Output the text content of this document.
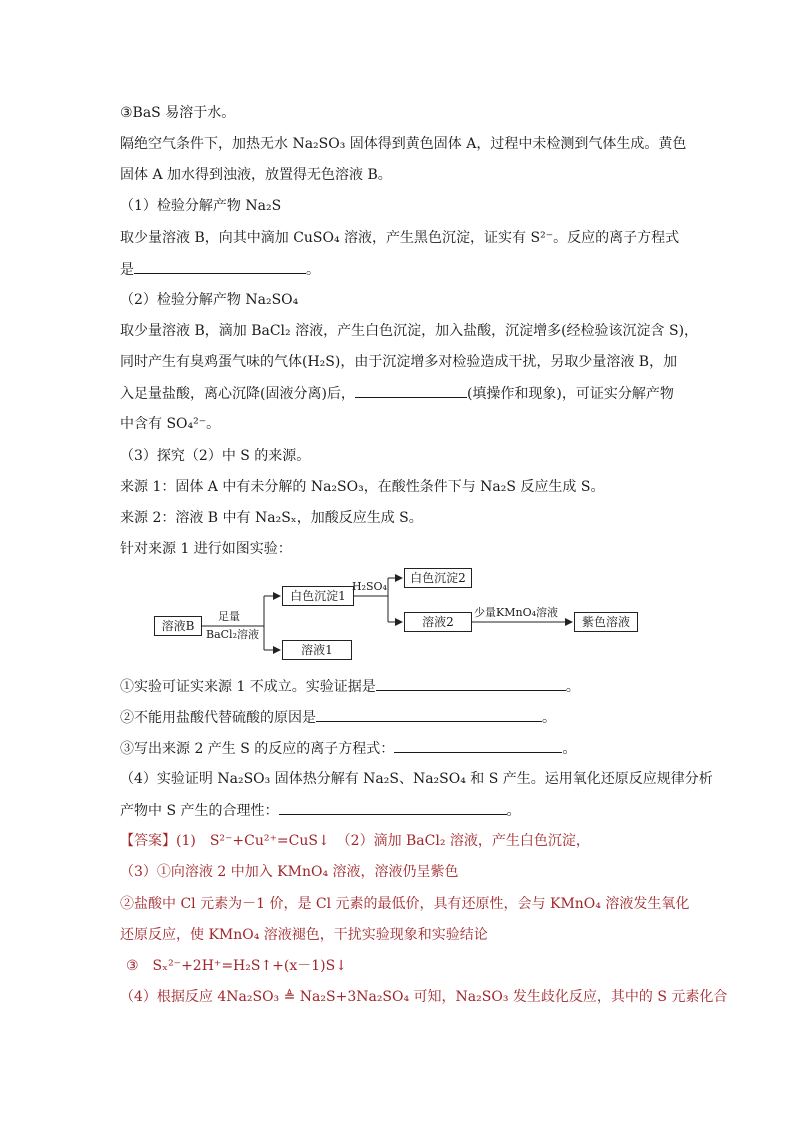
③BaS 易溶于水。
隔绝空气条件下，加热无水 Na₂SO₃ 固体得到黄色固体 A，过程中未检测到气体生成。黄色
固体 A 加水得到浊液，放置得无色溶液 B。
（1）检验分解产物 Na₂S
取少量溶液 B，向其中滴加 CuSO₄ 溶液，产生黑色沉淀，证实有 S²⁻。反应的离子方程式
是	。
（2）检验分解产物 Na₂SO₄
取少量溶液 B，滴加 BaCl₂ 溶液，产生白色沉淀，加入盐酸，沉淀增多(经检验该沉淀含 S)，
同时产生有臭鸡蛋气味的气体(H₂S)，由于沉淀增多对检验造成干扰，另取少量溶液 B，加
入足量盐酸，离心沉降(固液分离)后，	(填操作和现象)，可证实分解产物
中含有 SO₄²⁻。
（3）探究（2）中 S 的来源。
来源 1：固体 A 中有未分解的 Na₂SO₃，在酸性条件下与 Na₂S 反应生成 S。
来源 2：溶液 B 中有 Na₂Sₓ，加酸反应生成 S。
针对来源 1 进行如图实验：
溶液B
足量
BaCl₂溶液
白色沉淀1
溶液1
H₂SO₄
白色沉淀2
溶液2
少量KMnO₄溶液
紫色溶液
①实验可证实来源 1 不成立。实验证据是	。
②不能用盐酸代替硫酸的原因是	。
③写出来源 2 产生 S 的反应的离子方程式：	。
（4）实验证明 Na₂SO₃ 固体热分解有 Na₂S、Na₂SO₄ 和 S 产生。运用氧化还原反应规律分析
产物中 S 产生的合理性：	。
【答案】(1)　S²⁻+Cu²⁺=CuS↓　（2）滴加 BaCl₂ 溶液，产生白色沉淀，
（3）①向溶液 2 中加入 KMnO₄ 溶液，溶液仍呈紫色
②盐酸中 Cl 元素为－1 价，是 Cl 元素的最低价，具有还原性，会与 KMnO₄ 溶液发生氧化
还原反应，使 KMnO₄ 溶液褪色，干扰实验现象和实验结论
③　Sₓ²⁻+2H⁺=H₂S↑+(x－1)S↓
（4）根据反应 4Na₂SO₃ ≜ Na₂S+3Na₂SO₄ 可知，Na₂SO₃ 发生歧化反应，其中的 S 元素化合
